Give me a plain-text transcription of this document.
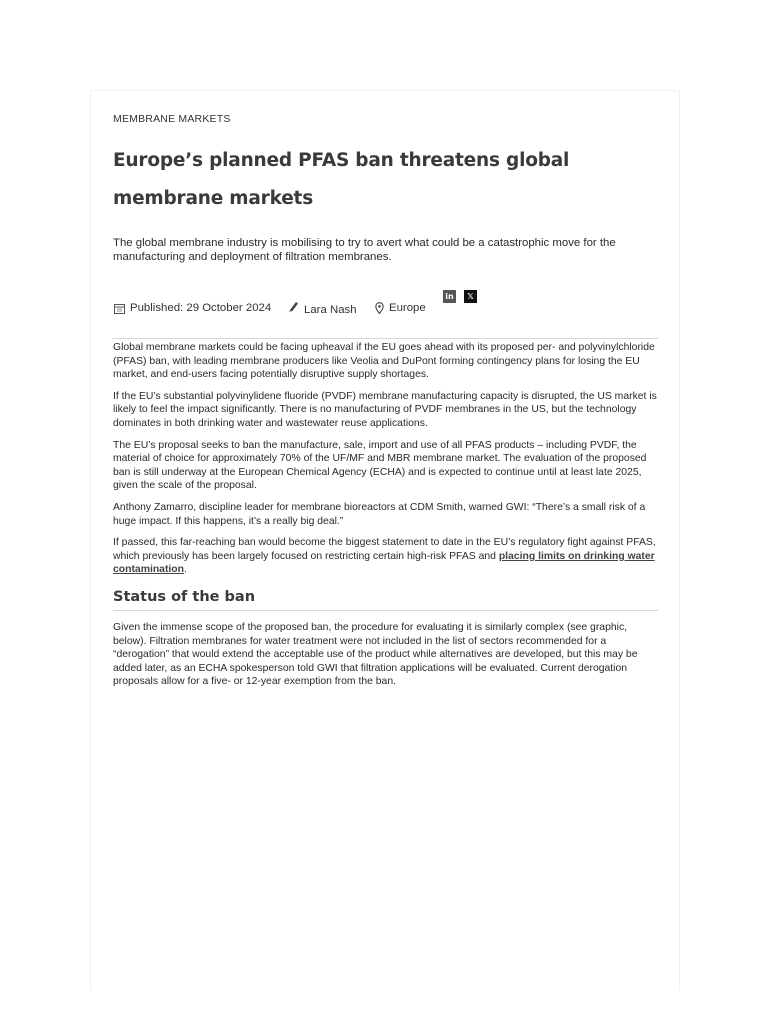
MEMBRANE MARKETS

Europe’s planned PFAS ban threatens global
membrane markets

The global membrane industry is mobilising to try to avert what could be a catastrophic move for the manufacturing and deployment of filtration membranes.

Published: 29 October 2024	Lara Nash	Europe
in	𝕏

Global membrane markets could be facing upheaval if the EU goes ahead with its proposed per- and polyvinylchloride (PFAS) ban, with leading membrane producers like Veolia and DuPont forming contingency plans for losing the EU market, and end-users facing potentially disruptive supply shortages.

If the EU’s substantial polyvinylidene fluoride (PVDF) membrane manufacturing capacity is disrupted, the US market is likely to feel the impact significantly. There is no manufacturing of PVDF membranes in the US, but the technology dominates in both drinking water and wastewater reuse applications.

The EU’s proposal seeks to ban the manufacture, sale, import and use of all PFAS products – including PVDF, the material of choice for approximately 70% of the UF/MF and MBR membrane market. The evaluation of the proposed ban is still underway at the European Chemical Agency (ECHA) and is expected to continue until at least late 2025, given the scale of the proposal.

Anthony Zamarro, discipline leader for membrane bioreactors at CDM Smith, warned GWI: “There’s a small risk of a huge impact. If this happens, it’s a really big deal.”

If passed, this far-reaching ban would become the biggest statement to date in the EU’s regulatory fight against PFAS, which previously has been largely focused on restricting certain high-risk PFAS and placing limits on drinking water contamination.

Status of the ban

Given the immense scope of the proposed ban, the procedure for evaluating it is similarly complex (see graphic, below). Filtration membranes for water treatment were not included in the list of sectors recommended for a “derogation” that would extend the acceptable use of the product while alternatives are developed, but this may be added later, as an ECHA spokesperson told GWI that filtration applications will be evaluated. Current derogation proposals allow for a five- or 12-year exemption from the ban.
